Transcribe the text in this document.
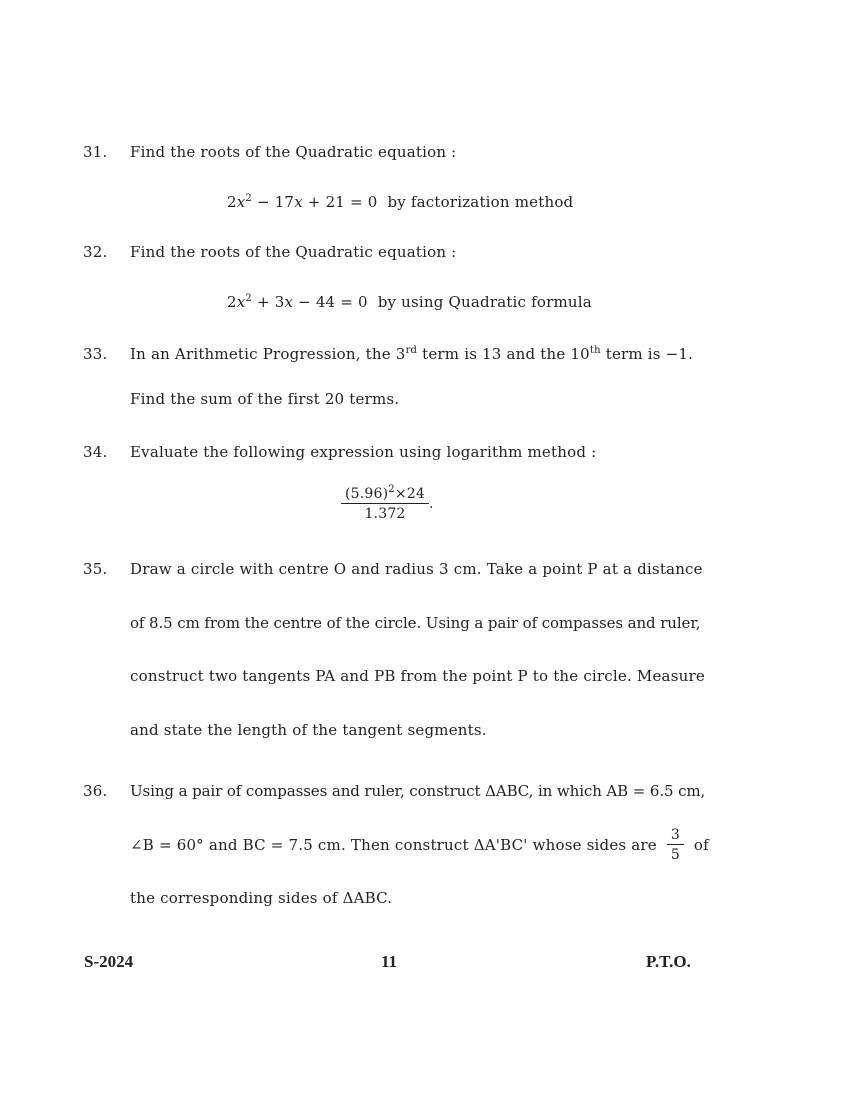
31. Find the roots of the Quadratic equation :
$2x^2 - 17x + 21 = 0$ by factorization method
32. Find the roots of the Quadratic equation :
$2x^2 + 3x - 44 = 0$ by using Quadratic formula
33. In an Arithmetic Progression, the 3rd term is 13 and the 10th term is −1.
Find the sum of the first 20 terms.
34. Evaluate the following expression using logarithm method :
$\frac{(5.96)^2\times 24}{1.372}$ .
35. Draw a circle with centre O and radius 3 cm. Take a point P at a distance
of 8.5 cm from the centre of the circle. Using a pair of compasses and ruler,
construct two tangents PA and PB from the point P to the circle. Measure
and state the length of the tangent segments.
36. Using a pair of compasses and ruler, construct ΔABC, in which AB = 6.5 cm,
∠B = 60° and BC = 7.5 cm. Then construct ΔA'BC' whose sides are
$\frac{3}{5}$
of
the corresponding sides of ΔABC.
S-2024	11	P.T.O.
